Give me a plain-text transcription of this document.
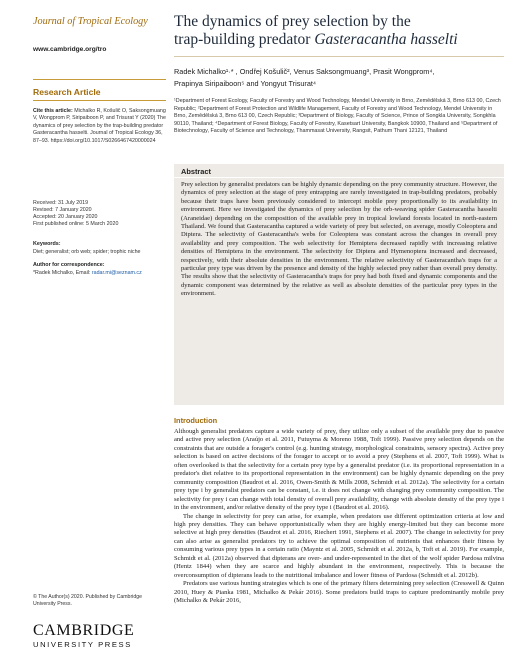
Journal of Tropical Ecology
www.cambridge.org/tro
Research Article
Cite this article: Michalko R, Košulič O, Saksongmuang V, Wongprom P, Siripaiboon P, and Trisurat Y (2020) The dynamics of prey selection by the trap-building predator Gasteracantha hasselti. Journal of Tropical Ecology 36, 87–93. https://doi.org/10.1017/S0266467420000024
Received: 31 July 2019
Revised: 7 January 2020
Accepted: 20 January 2020
First published online: 5 March 2020
Keywords:
Diet; generalist; orb web; spider; trophic niche
Author for correspondence:
*Radek Michalko, Email: radar.mi@seznam.cz
© The Author(s) 2020. Published by Cambridge University Press.
CAMBRIDGE
UNIVERSITY PRESS
The dynamics of prey selection by the
trap-building predator Gasteracantha hasselti
Radek Michalko¹·* , Ondřej Košulič², Venus Saksongmuang³, Prasit Wongprom⁴,
Prapinya Siripaiboon⁵ and Yongyut Trisurat⁴
¹Department of Forest Ecology, Faculty of Forestry and Wood Technology, Mendel University in Brno, Zemědělská 3, Brno 613 00, Czech Republic; ²Department of Forest Protection and Wildlife Management, Faculty of Forestry and Wood Technology, Mendel University in Brno, Zemědělská 3, Brno 613 00, Czech Republic; ³Department of Biology, Faculty of Science, Prince of Songkla University, Songkhla 90110, Thailand; ⁴Department of Forest Biology, Faculty of Forestry, Kasetsart University, Bangkok 10900, Thailand and ⁵Department of Biotechnology, Faculty of Science and Technology, Thammasat University, Rangsit, Pathum Thani 12121, Thailand
Abstract
Prey selection by generalist predators can be highly dynamic depending on the prey community structure. However, the dynamics of prey selection at the stage of prey entrapping are rarely investigated in trap-building predators, probably because their traps have been previously considered to intercept mobile prey proportionally to its availability in environment. Here we investigated the dynamics of prey selection by the orb-weaving spider Gasteracantha hasselti (Araneidae) depending on the composition of the available prey in tropical lowland forests located in north-eastern Thailand. We found that Gasteracantha captured a wide variety of prey but selected, on average, mostly Coleoptera and Diptera. The selectivity of Gasteracantha's webs for Coleoptera was constant across the changes in overall prey availability and prey composition. The web selectivity for Hemiptera decreased rapidly with increasing relative densities of Hemiptera in the environment. The selectivity for Diptera and Hymenoptera increased and decreased, respectively, with their absolute densities in the environment. The relative selectivity of Gasteracantha's traps for a particular prey type was driven by the presence and density of the highly selected prey rather than overall prey density. The results show that the selectivity of Gasteracantha's traps for prey had both fixed and dynamic components and the dynamic component was determined by the relative as well as absolute densities of the particular prey types in the environment.
Introduction

Although generalist predators capture a wide variety of prey, they utilize only a subset of the available prey due to passive and active prey selection (Araújo et al. 2011, Futuyma & Moreno 1988, Toft 1999). Passive prey selection depends on the constraints that are outside a forager's control (e.g. hunting strategy, morphological constraints, sensory spectra). Active prey selection is based on active decisions of the forager to accept or to avoid a prey (Stephens et al. 2007, Toft 1999). What is often overlooked is that the selectivity for a certain prey type by a generalist predator (i.e. its proportional representation in a predator's diet relative to its proportional representation in the environment) can be highly dynamic depending on the prey community composition (Baudrot et al. 2016, Owen-Smith & Mills 2008, Schmidt et al. 2012a). The selectivity for a certain prey type i by generalist predators can be constant, i.e. it does not change with changing prey community composition. The selectivity for prey i can change with total density of overall prey availability, change with absolute density of the prey type i in the environment, and/or relative density of the prey type i (Baudrot et al. 2016).

The change in selectivity for prey can arise, for example, when predators use different optimization criteria at low and high prey densities. They can behave opportunistically when they are highly energy-limited but they can become more selective at high prey densities (Baudrot et al. 2016, Riechert 1991, Stephens et al. 2007). The change in selectivity for prey can also arise as generalist predators try to achieve the optimal composition of nutrients that enhances their fitness by consuming various prey types in a certain ratio (Mayntz et al. 2005, Schmidt et al. 2012a, b, Toft et al. 2019). For example, Schmidt et al. (2012a) observed that dipterans are over- and under-represented in the diet of the wolf spider Pardosa milvina (Hentz 1844) when they are scarce and highly abundant in the environment, respectively. This is because the overconsumption of dipterans leads to the nutritional imbalance and lower fitness of Pardosa (Schmidt et al. 2012b).

Predators use various hunting strategies which is one of the primary filters determining prey selection (Cresswell & Quinn 2010, Huey & Pianka 1981, Michalko & Pekár 2016). Some predators build traps to capture predominantly mobile prey (Michalko & Pekár 2016,
